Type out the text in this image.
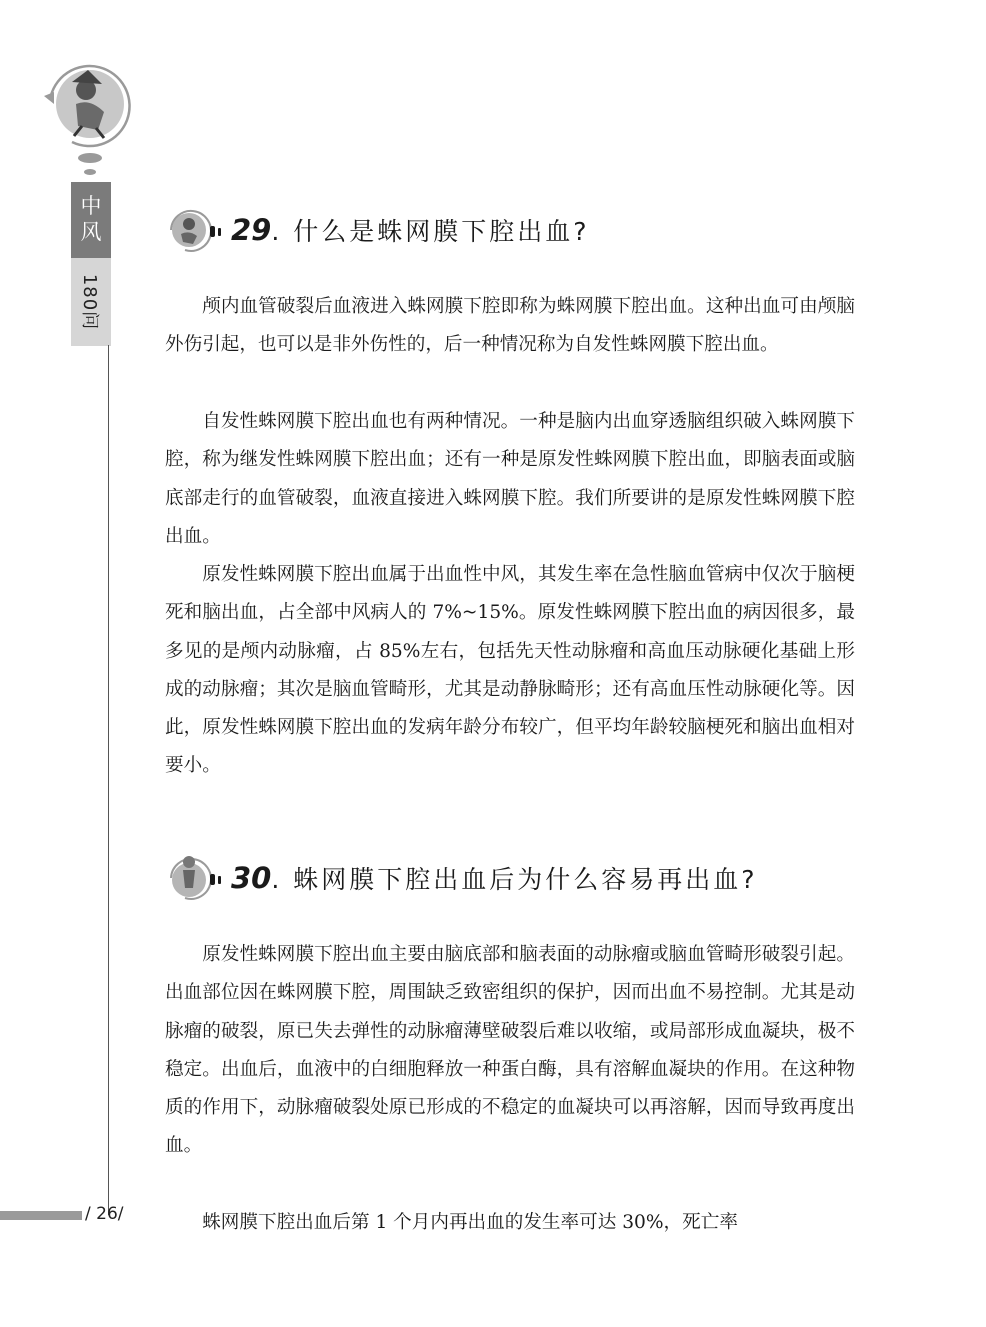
中风
180问
29. 什么是蛛网膜下腔出血?

颅内血管破裂后血液进入蛛网膜下腔即称为蛛网膜下腔出血。这种出血可由颅脑外伤引起，也可以是非外伤性的，后一种情况称为自发性蛛网膜下腔出血。

自发性蛛网膜下腔出血也有两种情况。一种是脑内出血穿透脑组织破入蛛网膜下腔，称为继发性蛛网膜下腔出血；还有一种是原发性蛛网膜下腔出血，即脑表面或脑底部走行的血管破裂，血液直接进入蛛网膜下腔。我们所要讲的是原发性蛛网膜下腔出血。

原发性蛛网膜下腔出血属于出血性中风，其发生率在急性脑血管病中仅次于脑梗死和脑出血，占全部中风病人的 7%~15%。原发性蛛网膜下腔出血的病因很多，最多见的是颅内动脉瘤，占 85%左右，包括先天性动脉瘤和高血压动脉硬化基础上形成的动脉瘤；其次是脑血管畸形，尤其是动静脉畸形；还有高血压性动脉硬化等。因此，原发性蛛网膜下腔出血的发病年龄分布较广，但平均年龄较脑梗死和脑出血相对要小。

30. 蛛网膜下腔出血后为什么容易再出血?

原发性蛛网膜下腔出血主要由脑底部和脑表面的动脉瘤或脑血管畸形破裂引起。出血部位因在蛛网膜下腔，周围缺乏致密组织的保护，因而出血不易控制。尤其是动脉瘤的破裂，原已失去弹性的动脉瘤薄壁破裂后难以收缩，或局部形成血凝块，极不稳定。出血后，血液中的白细胞释放一种蛋白酶，具有溶解血凝块的作用。在这种物质的作用下，动脉瘤破裂处原已形成的不稳定的血凝块可以再溶解，因而导致再度出血。

蛛网膜下腔出血后第 1 个月内再出血的发生率可达 30%，死亡率

/ 26/
